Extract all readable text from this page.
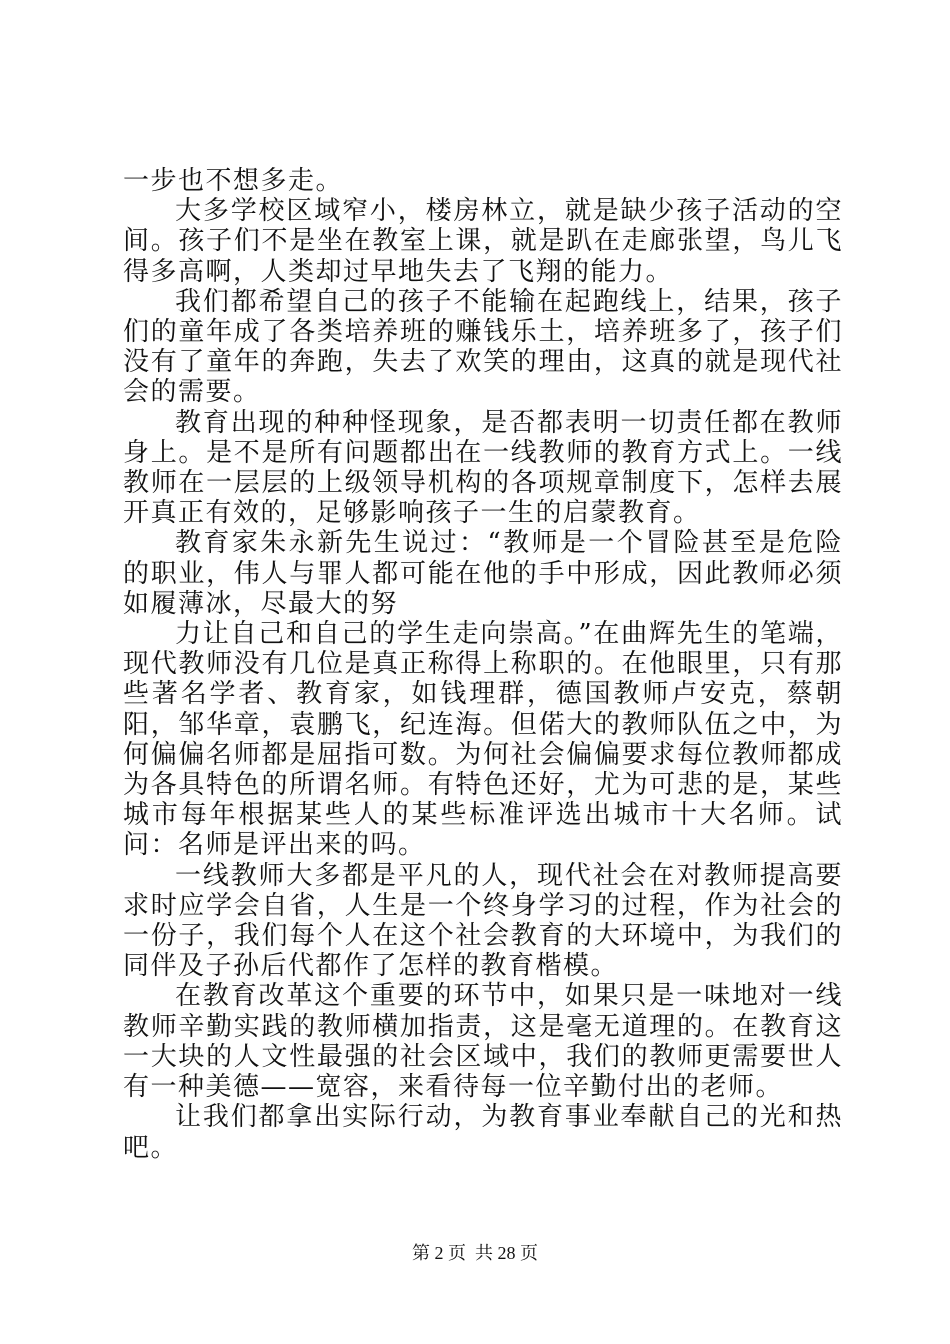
一步也不想多走。

大多学校区域窄小，楼房林立，就是缺少孩子活动的空间。孩子们不是坐在教室上课，就是趴在走廊张望，鸟儿飞得多高啊，人类却过早地失去了飞翔的能力。

我们都希望自己的孩子不能输在起跑线上，结果，孩子们的童年成了各类培养班的赚钱乐土，培养班多了，孩子们没有了童年的奔跑，失去了欢笑的理由，这真的就是现代社会的需要。

教育出现的种种怪现象，是否都表明一切责任都在教师身上。是不是所有问题都出在一线教师的教育方式上。一线教师在一层层的上级领导机构的各项规章制度下，怎样去展开真正有效的，足够影响孩子一生的启蒙教育。

教育家朱永新先生说过：“教师是一个冒险甚至是危险的职业，伟人与罪人都可能在他的手中形成，因此教师必须如履薄冰，尽最大的努

力让自己和自己的学生走向崇高。”在曲辉先生的笔端，现代教师没有几位是真正称得上称职的。在他眼里，只有那些著名学者、教育家，如钱理群，德国教师卢安克，蔡朝阳，邹华章，袁鹏飞，纪连海。但偌大的教师队伍之中，为何偏偏名师都是屈指可数。为何社会偏偏要求每位教师都成为各具特色的所谓名师。有特色还好，尤为可悲的是，某些城市每年根据某些人的某些标准评选出城市十大名师。试问：名师是评出来的吗。

一线教师大多都是平凡的人，现代社会在对教师提高要求时应学会自省，人生是一个终身学习的过程，作为社会的一份子，我们每个人在这个社会教育的大环境中，为我们的同伴及子孙后代都作了怎样的教育楷模。

在教育改革这个重要的环节中，如果只是一味地对一线教师辛勤实践的教师横加指责，这是毫无道理的。在教育这一大块的人文性最强的社会区域中，我们的教师更需要世人有一种美德——宽容，来看待每一位辛勤付出的老师。

让我们都拿出实际行动，为教育事业奉献自己的光和热吧。

第 2 页 共 28 页
